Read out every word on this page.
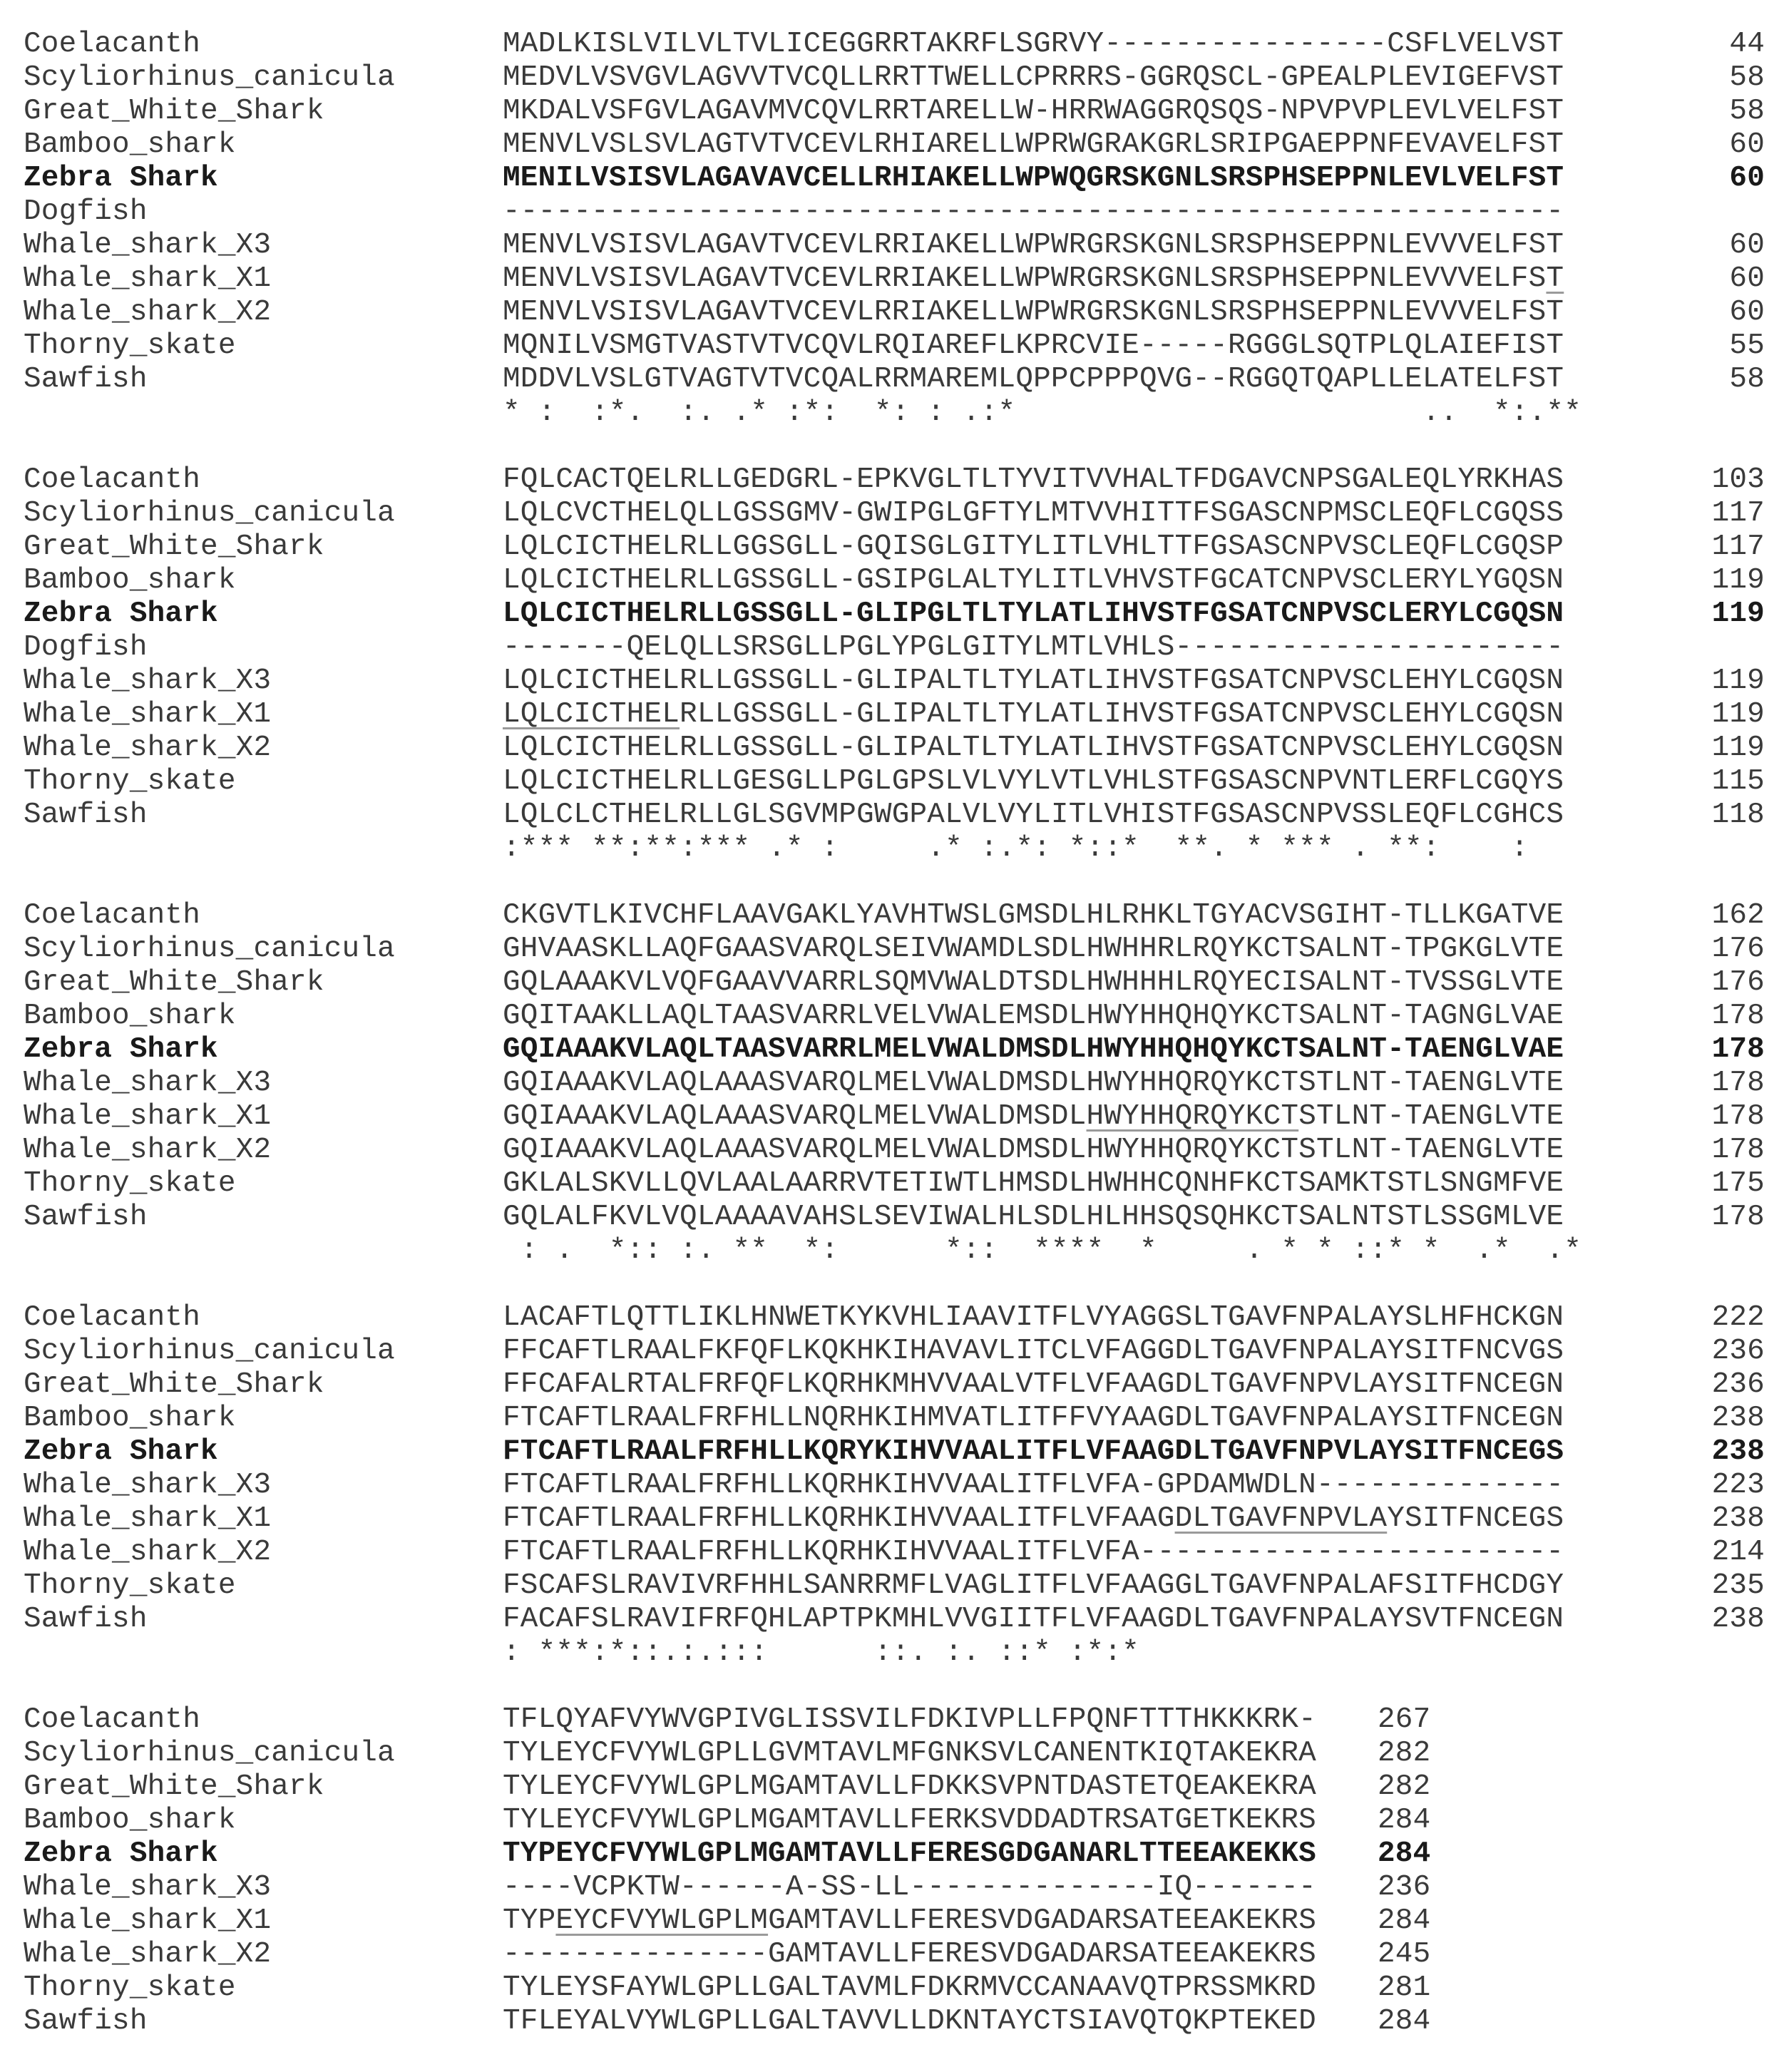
Coelacanth	MADLKISLVILVLTVLICEGGRRTAKRFLSGRVY----------------CSFLVELVST	44
Scyliorhinus_canicula	MEDVLVSVGVLAGVVTVCQLLRRTTWELLCPRRRS-GGRQSCL-GPEALPLEVIGEFVST	58
Great_White_Shark	MKDALVSFGVLAGAVMVCQVLRRTARELLW-HRRWAGGRQSQS-NPVPVPLEVLVELFST	58
Bamboo_shark	MENVLVSLSVLAGTVTVCEVLRHIARELLWPRWGRAKGRLSRIPGAEPPNFEVAVELFST	60
Zebra Shark	MENILVSISVLAGAVAVCELLRHIAKELLWPWQGRSKGNLSRSPHSEPPNLEVLVELFST	60
Dogfish	------------------------------------------------------------
Whale_shark_X3	MENVLVSISVLAGAVTVCEVLRRIAKELLWPWRGRSKGNLSRSPHSEPPNLEVVVELFST	60
Whale_shark_X1	MENVLVSISVLAGAVTVCEVLRRIAKELLWPWRGRSKGNLSRSPHSEPPNLEVVVELFST	60
Whale_shark_X2	MENVLVSISVLAGAVTVCEVLRRIAKELLWPWRGRSKGNLSRSPHSEPPNLEVVVELFST	60
Thorny_skate	MQNILVSMGTVASTVTVCQVLRQIAREFLKPRCVIE-----RGGGLSQTPLQLAIEFIST	55
Sawfish	MDDVLVSLGTVAGTVTVCQALRRMAREMLQPPCPPPQVG--RGGQTQAPLLELATELFST	58
* :  :*.  :. .* :*:  *: : .:*                       ..  *:.**
Coelacanth	FQLCACTQELRLLGEDGRL-EPKVGLTLTYVITVVHALTFDGAVCNPSGALEQLYRKHAS	103
Scyliorhinus_canicula	LQLCVCTHELQLLGSSGMV-GWIPGLGFTYLMTVVHITTFSGASCNPMSCLEQFLCGQSS	117
Great_White_Shark	LQLCICTHELRLLGGSGLL-GQISGLGITYLITLVHLTTFGSASCNPVSCLEQFLCGQSP	117
Bamboo_shark	LQLCICTHELRLLGSSGLL-GSIPGLALTYLITLVHVSTFGCATCNPVSCLERYLYGQSN	119
Zebra Shark	LQLCICTHELRLLGSSGLL-GLIPGLTLTYLATLIHVSTFGSATCNPVSCLERYLCGQSN	119
Dogfish	-------QELQLLSRSGLLPGLYPGLGITYLMTLVHLS----------------------
Whale_shark_X3	LQLCICTHELRLLGSSGLL-GLIPALTLTYLATLIHVSTFGSATCNPVSCLEHYLCGQSN	119
Whale_shark_X1	LQLCICTHELRLLGSSGLL-GLIPALTLTYLATLIHVSTFGSATCNPVSCLEHYLCGQSN	119
Whale_shark_X2	LQLCICTHELRLLGSSGLL-GLIPALTLTYLATLIHVSTFGSATCNPVSCLEHYLCGQSN	119
Thorny_skate	LQLCICTHELRLLGESGLLPGLGPSLVLVYLVTLVHLSTFGSASCNPVNTLERFLCGQYS	115
Sawfish	LQLCLCTHELRLLGLSGVMPGWGPALVLVYLITLVHISTFGSASCNPVSSLEQFLCGHCS	118
:*** **:**:*** .* :     .* :.*: *::*  **. * *** . **:    :
Coelacanth	CKGVTLKIVCHFLAAVGAKLYAVHTWSLGMSDLHLRHKLTGYACVSGIHT-TLLKGATVE	162
Scyliorhinus_canicula	GHVAASKLLAQFGAASVARQLSEIVWAMDLSDLHWHHRLRQYKCTSALNT-TPGKGLVTE	176
Great_White_Shark	GQLAAAKVLVQFGAAVVARRLSQMVWALDTSDLHWHHHLRQYECISALNT-TVSSGLVTE	176
Bamboo_shark	GQITAAKLLAQLTAASVARRLVELVWALEMSDLHWYHHQHQYKCTSALNT-TAGNGLVAE	178
Zebra Shark	GQIAAAKVLAQLTAASVARRLMELVWALDMSDLHWYHHQHQYKCTSALNT-TAENGLVAE	178
Whale_shark_X3	GQIAAAKVLAQLAAASVARQLMELVWALDMSDLHWYHHQRQYKCTSTLNT-TAENGLVTE	178
Whale_shark_X1	GQIAAAKVLAQLAAASVARQLMELVWALDMSDLHWYHHQRQYKCTSTLNT-TAENGLVTE	178
Whale_shark_X2	GQIAAAKVLAQLAAASVARQLMELVWALDMSDLHWYHHQRQYKCTSTLNT-TAENGLVTE	178
Thorny_skate	GKLALSKVLLQVLAALAARRVTETIWTLHMSDLHWHHCQNHFKCTSAMKTSTLSNGMFVE	175
Sawfish	GQLALFKVLVQLAAAAVAHSLSEVIWALHLSDLHLHHSQSQHKCTSALNTSTLSSGMLVE	178
: .  *:: :. **  *:      *::  ****  *     . * * ::* *  .*  .*
Coelacanth	LACAFTLQTTLIKLHNWETKYKVHLIAAVITFLVYAGGSLTGAVFNPALAYSLHFHCKGN	222
Scyliorhinus_canicula	FFCAFTLRAALFKFQFLKQKHKIHAVAVLITCLVFAGGDLTGAVFNPALAYSITFNCVGS	236
Great_White_Shark	FFCAFALRTALFRFQFLKQRHKMHVVAALVTFLVFAAGDLTGAVFNPVLAYSITFNCEGN	236
Bamboo_shark	FTCAFTLRAALFRFHLLNQRHKIHMVATLITFFVYAAGDLTGAVFNPALAYSITFNCEGN	238
Zebra Shark	FTCAFTLRAALFRFHLLKQRYKIHVVAALITFLVFAAGDLTGAVFNPVLAYSITFNCEGS	238
Whale_shark_X3	FTCAFTLRAALFRFHLLKQRHKIHVVAALITFLVFA-GPDAMWDLN--------------	223
Whale_shark_X1	FTCAFTLRAALFRFHLLKQRHKIHVVAALITFLVFAAGDLTGAVFNPVLAYSITFNCEGS	238
Whale_shark_X2	FTCAFTLRAALFRFHLLKQRHKIHVVAALITFLVFA------------------------	214
Thorny_skate	FSCAFSLRAVIVRFHHLSANRRMFLVAGLITFLVFAAGGLTGAVFNPALAFSITFHCDGY	235
Sawfish	FACAFSLRAVIFRFQHLAPTPKMHLVVGIITFLVFAAGDLTGAVFNPALAYSVTFNCEGN	238
: ***:*::.:.:::      ::. :. ::* :*:*
Coelacanth	TFLQYAFVYWVGPIVGLISSVILFDKIVPLLFPQNFTTTHKKKRK- 267
Scyliorhinus_canicula	TYLEYCFVYWLGPLLGVMTAVLMFGNKSVLCANENTKIQTAKEKRA 282
Great_White_Shark	TYLEYCFVYWLGPLMGAMTAVLLFDKKSVPNTDASTETQEAKEKRA 282
Bamboo_shark	TYLEYCFVYWLGPLMGAMTAVLLFERKSVDDADTRSATGETKEKRS 284
Zebra Shark	TYPEYCFVYWLGPLMGAMTAVLLFERESGDGANARLTTEEAKEKKS 284
Whale_shark_X3	----VCPKTW------A-SS-LL--------------IQ------- 236
Whale_shark_X1	TYPEYCFVYWLGPLMGAMTAVLLFERESVDGADARSATEEAKEKRS 284
Whale_shark_X2	---------------GAMTAVLLFERESVDGADARSATEEAKEKRS 245
Thorny_skate	TYLEYSFAYWLGPLLGALTAVMLFDKRMVCCANAAVQTPRSSMKRD 281
Sawfish	TFLEYALVYWLGPLLGALTAVVLLDKNTAYCTSIAVQTQKPTEKED 284
